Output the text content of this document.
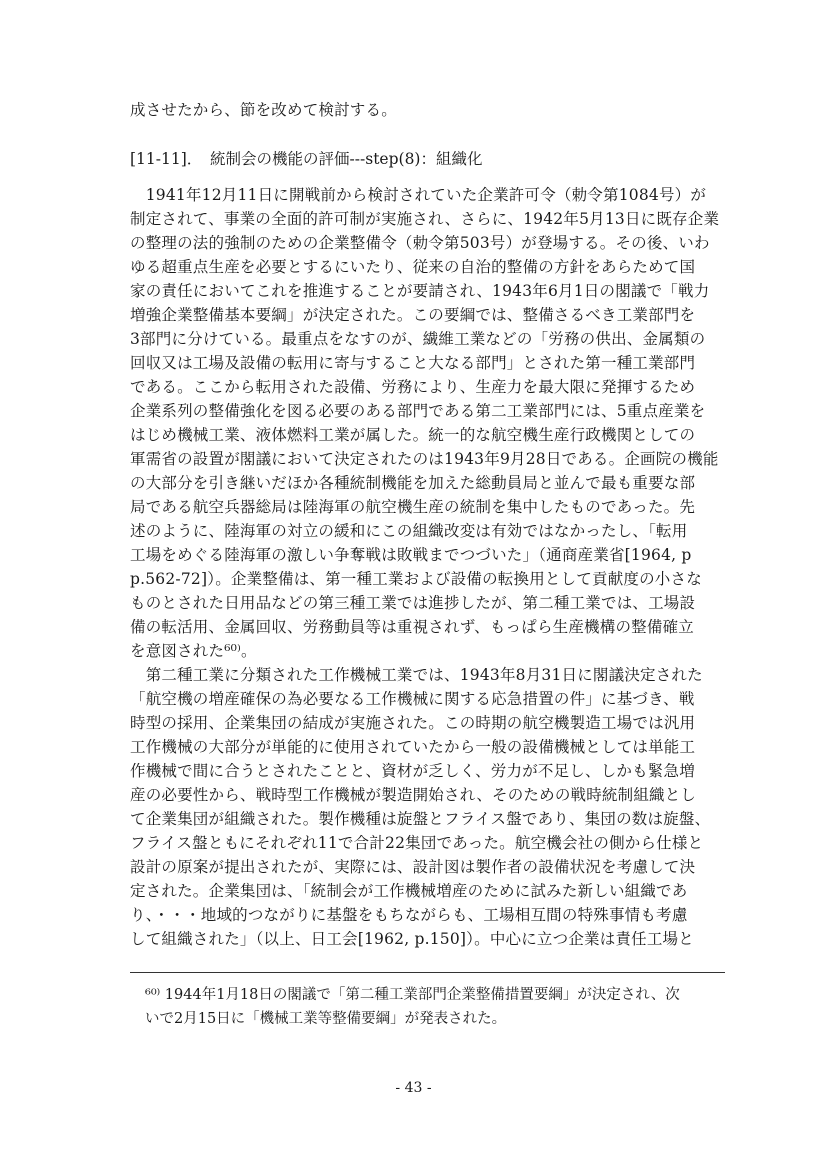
成させたから、節を改めて検討する。
[11-11]．　統制会の機能の評価---step(8)：組織化
　1941年12月11日に開戦前から検討されていた企業許可令（勅令第1084号）が
制定されて、事業の全面的許可制が実施され、さらに、1942年5月13日に既存企業
の整理の法的強制のための企業整備令（勅令第503号）が登場する。その後、いわ
ゆる超重点生産を必要とするにいたり、従来の自治的整備の方針をあらためて国
家の責任においてこれを推進することが要請され、1943年6月1日の閣議で「戦力
増強企業整備基本要綱」が決定された。この要綱では、整備さるべき工業部門を
3部門に分けている。最重点をなすのが、繊維工業などの「労務の供出、金属類の
回収又は工場及設備の転用に寄与すること大なる部門」とされた第一種工業部門
である。ここから転用された設備、労務により、生産力を最大限に発揮するため
企業系列の整備強化を図る必要のある部門である第二工業部門には、5重点産業を
はじめ機械工業、液体燃料工業が属した。統一的な航空機生産行政機関としての
軍需省の設置が閣議において決定されたのは1943年9月28日である。企画院の機能
の大部分を引き継いだほか各種統制機能を加えた総動員局と並んで最も重要な部
局である航空兵器総局は陸海軍の航空機生産の統制を集中したものであった。先
述のように、陸海軍の対立の緩和にこの組織改変は有効ではなかったし、「転用
工場をめぐる陸海軍の激しい争奪戦は敗戦までつづいた」（通商産業省[1964, p
p.562-72]）。企業整備は、第一種工業および設備の転換用として貢献度の小さな
ものとされた日用品などの第三種工業では進捗したが、第二種工業では、工場設
備の転活用、金属回収、労務動員等は重視されず、もっぱら生産機構の整備確立
を意図された⁶⁰⁾。
　第二種工業に分類された工作機械工業では、1943年8月31日に閣議決定された
「航空機の増産確保の為必要なる工作機械に関する応急措置の件」に基づき、戦
時型の採用、企業集団の結成が実施された。この時期の航空機製造工場では汎用
工作機械の大部分が単能的に使用されていたから一般の設備機械としては単能工
作機械で間に合うとされたことと、資材が乏しく、労力が不足し、しかも緊急増
産の必要性から、戦時型工作機械が製造開始され、そのための戦時統制組織とし
て企業集団が組織された。製作機種は旋盤とフライス盤であり、集団の数は旋盤、
フライス盤ともにそれぞれ11で合計22集団であった。航空機会社の側から仕様と
設計の原案が提出されたが、実際には、設計図は製作者の設備状況を考慮して決
定された。企業集団は、「統制会が工作機械増産のために試みた新しい組織であ
り、・・・地域的つながりに基盤をもちながらも、工場相互間の特殊事情も考慮
して組織された」（以上、日工会[1962, p.150]）。中心に立つ企業は責任工場と
⁶⁰⁾ 1944年1月18日の閣議で「第二種工業部門企業整備措置要綱」が決定され、次
いで2月15日に「機械工業等整備要綱」が発表された。
- 43 -
